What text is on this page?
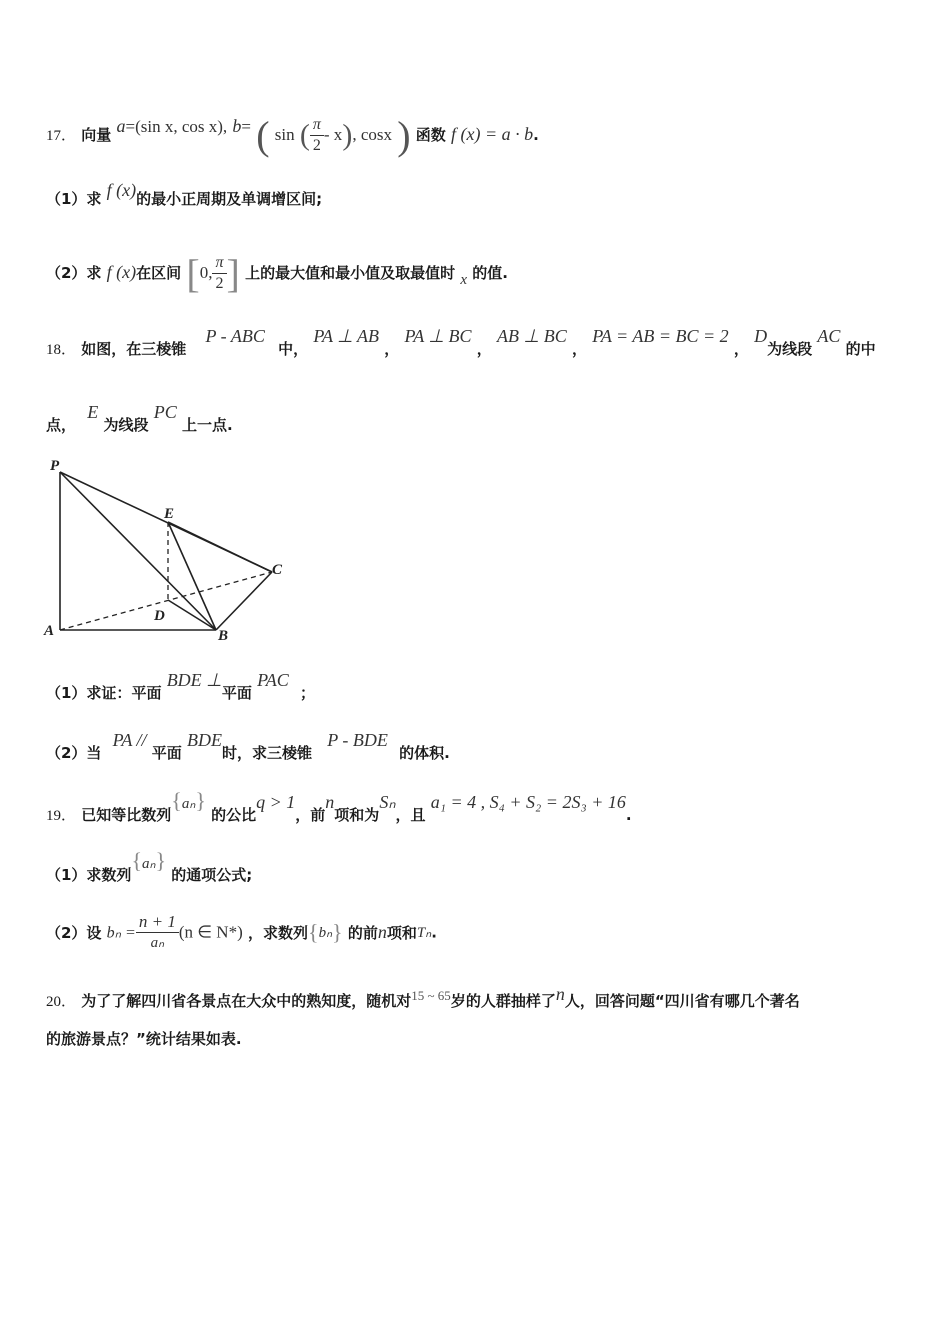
17． 向量 a=(sin x, cos x), b= ( sin ( $\frac{\pi}{2} - x$), cosx ) 函数 f (x) = a · b.
（1）求 f (x)的最小正周期及单调增区间;
（2）求 f (x)在区间 [0, $\frac{\pi}{2}$ ] 上的最大值和最小值及取最值时 x 的值.
18． 如图，在三棱锥 P - ABC 中， PA ⊥ AB ， PA ⊥ BC ， AB ⊥ BC ， PA = AB = BC = 2 ， D为线段 AC 的中
点， E 为线段 PC 上一点.
P
E
C
D
A	B
（1）求证：平面 BDE ⊥平面 PAC ；
（2）当 PA // 平面 BDE时，求三棱锥 P - BDE 的体积.
19． 已知等比数列{aₙ} 的公比q > 1，前n项和为Sₙ，且 a₁ = 4 , S₄ + S₂ = 2S₃ + 16.
（1）求数列{aₙ} 的通项公式;
（2）设 $b_n = \frac{n + 1}{\text{aₙ}} (n$ ∈ N*) ，求数列{bₙ} 的前n项和Tₙ.
20． 为了了解四川省各景点在大众中的熟知度，随机对15 ~ 65岁的人群抽样了n人，回答问题“四川省有哪几个著名
的旅游景点？”统计结果如表.
